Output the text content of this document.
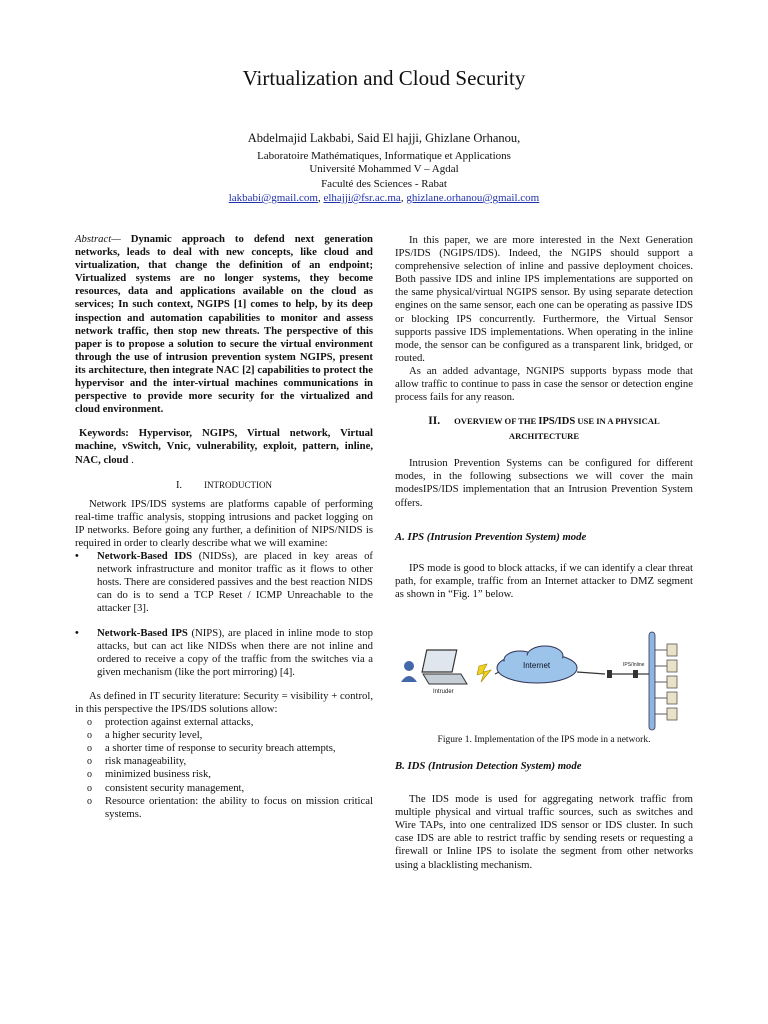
Virtualization and Cloud Security
Abdelmajid Lakbabi, Said El hajji, Ghizlane Orhanou,
Laboratoire Mathématiques, Informatique et Applications
Université Mohammed V – Agdal
Faculté des Sciences - Rabat
lakbabi@gmail.com, elhajji@fsr.ac.ma, ghizlane.orhanou@gmail.com

Abstract— Dynamic approach to defend next generation networks, leads to deal with new concepts, like cloud and virtualization, that change the definition of an endpoint; Virtualized systems are no longer systems, they become resources, data and applications available on the cloud as services; In such context, NGIPS [1] comes to help, by its deep inspection and automation capabilities to monitor and assess network traffic, then stop new threats. The perspective of this paper is to propose a solution to secure the virtual environment through the use of intrusion prevention system NGIPS, present its architecture, then integrate NAC [2] capabilities to protect the hypervisor and the inter-virtual machines communications in perspective to provide more security for the virtualized and cloud environment.

Keywords: Hypervisor, NGIPS, Virtual network, Virtual machine, vSwitch, Vnic, vulnerability, exploit, pattern, inline, NAC, cloud .

I. INTRODUCTION

Network IPS/IDS systems are platforms capable of performing real-time traffic analysis, stopping intrusions and packet logging on IP networks. Before going any further, a definition of NIPS/NIDS is required in order to clearly describe what we will examine:

• Network-Based IDS (NIDSs), are placed in key areas of network infrastructure and monitor traffic as it flows to other hosts. There are considered passives and the best reaction NIDS can do is to send a TCP Reset / ICMP Unreachable to the attacker [3].
• Network-Based IPS (NIPS), are placed in inline mode to stop attacks, but can act like NIDSs when there are not inline and ordered to receive a copy of the traffic from the switches via a given mechanism (like the port mirroring) [4].

As defined in IT security literature: Security = visibility + control, in this perspective the IPS/IDS solutions allow:

o protection against external attacks,
o a higher security level,
o a shorter time of response to security breach attempts,
o risk manageability,
o minimized business risk,
o consistent security management,
o Resource orientation: the ability to focus on mission critical systems.

In this paper, we are more interested in the Next Generation IPS/IDS (NGIPS/IDS). Indeed, the NGIPS should support a comprehensive selection of inline and passive deployment choices. Both passive IDS and inline IPS implementations are supported on the same physical/virtual NGIPS sensor. By using separate detection engines on the same sensor, each one can be operating as passive IDS or blocking IPS concurrently. Furthermore, the Virtual Sensor supports passive IDS implementations. When operating in the inline mode, the sensor can be configured as a transparent link, bridged, or routed.

As an added advantage, NGNIPS supports bypass mode that allow traffic to continue to pass in case the sensor or detection engine process fails for any reason.

II. OVERVIEW OF THE IPS/IDS USE IN A PHYSICAL ARCHITECTURE

Intrusion Prevention Systems can be configured for different modes, in the following subsections we will cover the main modesIPS/IDS implementation that an Intrusion Prevention System offers.

A. IPS (Intrusion Prevention System) mode

IPS mode is good to block attacks, if we can identify a clear threat path, for example, traffic from an Internet attacker to DMZ segment as shown in “Fig. 1” below.

Intruder
Internet	IPS/Inline
Figure 1. Implementation of the IPS mode in a network.

B. IDS (Intrusion Detection System) mode

The IDS mode is used for aggregating network traffic from multiple physical and virtual traffic sources, such as switches and Wire TAPs, into one centralized IDS sensor or IDS cluster. In such case IDS are able to restrict traffic by sending resets or requesting a firewall or Inline IPS to isolate the segment from other networks using a blacklisting mechanism.
